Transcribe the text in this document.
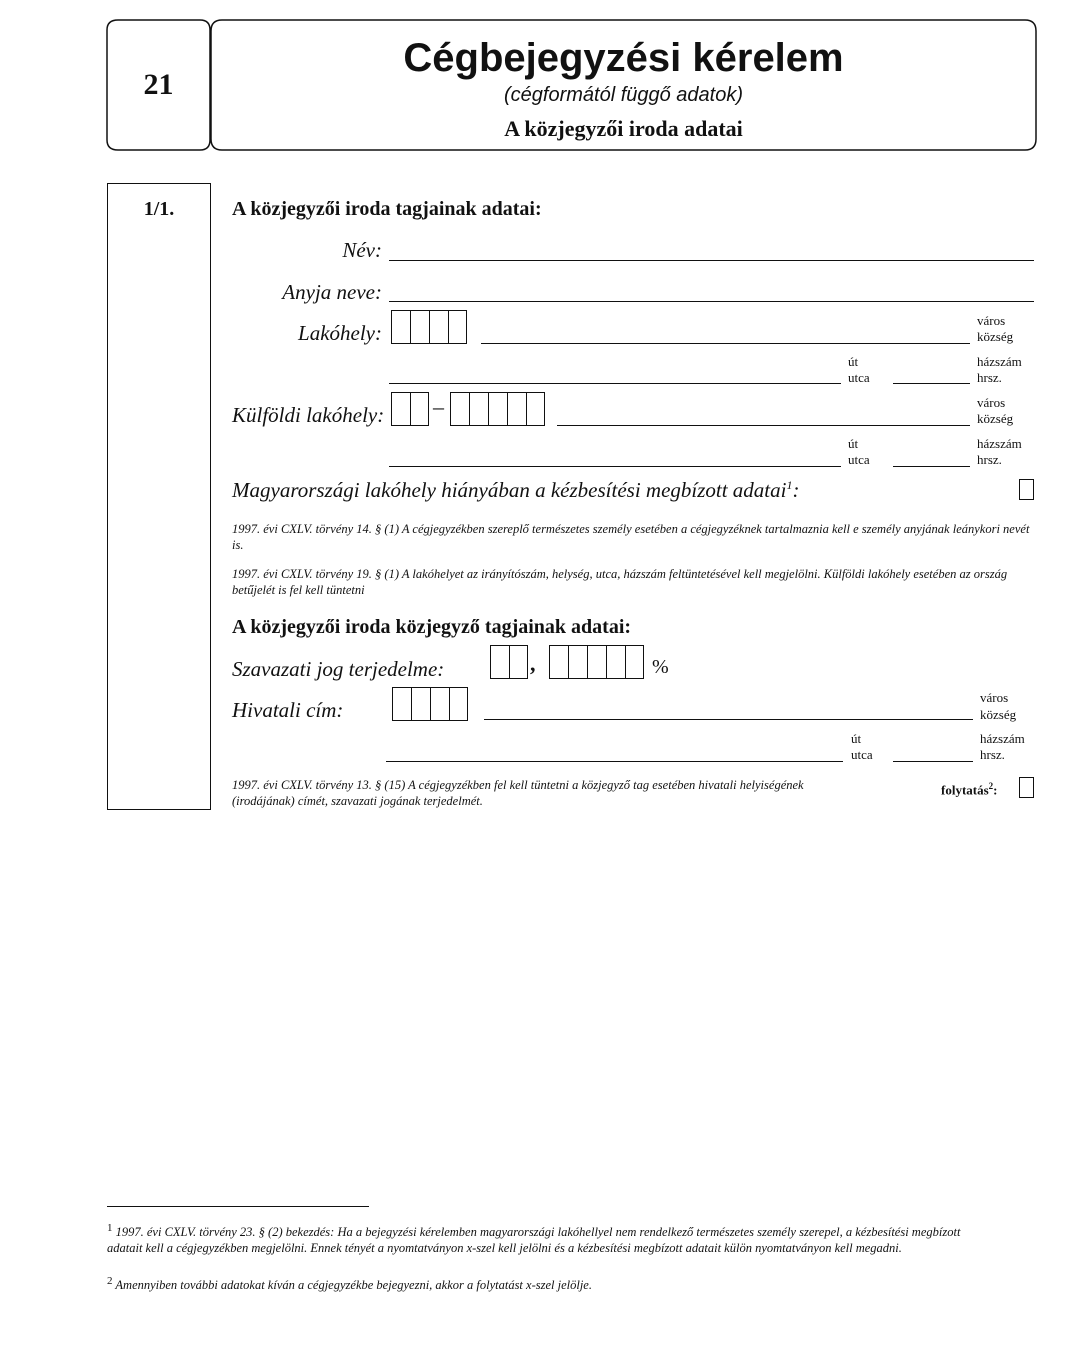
21
Cégbejegyzési kérelem
(cégformától függő adatok)
A közjegyzői iroda adatai
1/1.	A közjegyzői iroda tagjainak adatai:
Név:
Anyja neve:
Lakóhely:
város
község
út
utca
házszám
hrsz.
Külföldi lakóhely: –	város
község
út
utca
házszám
hrsz.
Magyarországi lakóhely hiányában a kézbesítési megbízott adatai$^1$:
1997. évi CXLV. törvény 14. § (1) A cégjegyzékben szereplő természetes személy esetében a cégjegyzéknek tartalmaznia kell e személy anyjának leánykori nevét is.
1997. évi CXLV. törvény 19. § (1) A lakóhelyet az irányítószám, helység, utca, házszám feltüntetésével kell megjelölni. Külföldi lakóhely esetében az ország betűjelét is fel kell tüntetni
A közjegyzői iroda közjegyző tagjainak adatai:
Szavazati jog terjedelme:	,	%
Hivatali cím:
város
község
út
utca
házszám
hrsz.
1997. évi CXLV. törvény 13. § (15) A cégjegyzékben fel kell tüntetni a közjegyző tag esetében hivatali helyiségének (irodájának) címét, szavazati jogának terjedelmét.
folytatás$^2$:
$^1$ 1997. évi CXLV. törvény 23. § (2) bekezdés: Ha a bejegyzési kérelemben magyarországi lakóhellyel nem rendelkező természetes személy szerepel, a kézbesítési megbízott adatait kell a cégjegyzékben megjelölni. Ennek tényét a nyomtatványon x-szel kell jelölni és a kézbesítési megbízott adatait külön nyomtatványon kell megadni.
$^2$ Amennyiben további adatokat kíván a cégjegyzékbe bejegyezni, akkor a folytatást x-szel jelölje.
